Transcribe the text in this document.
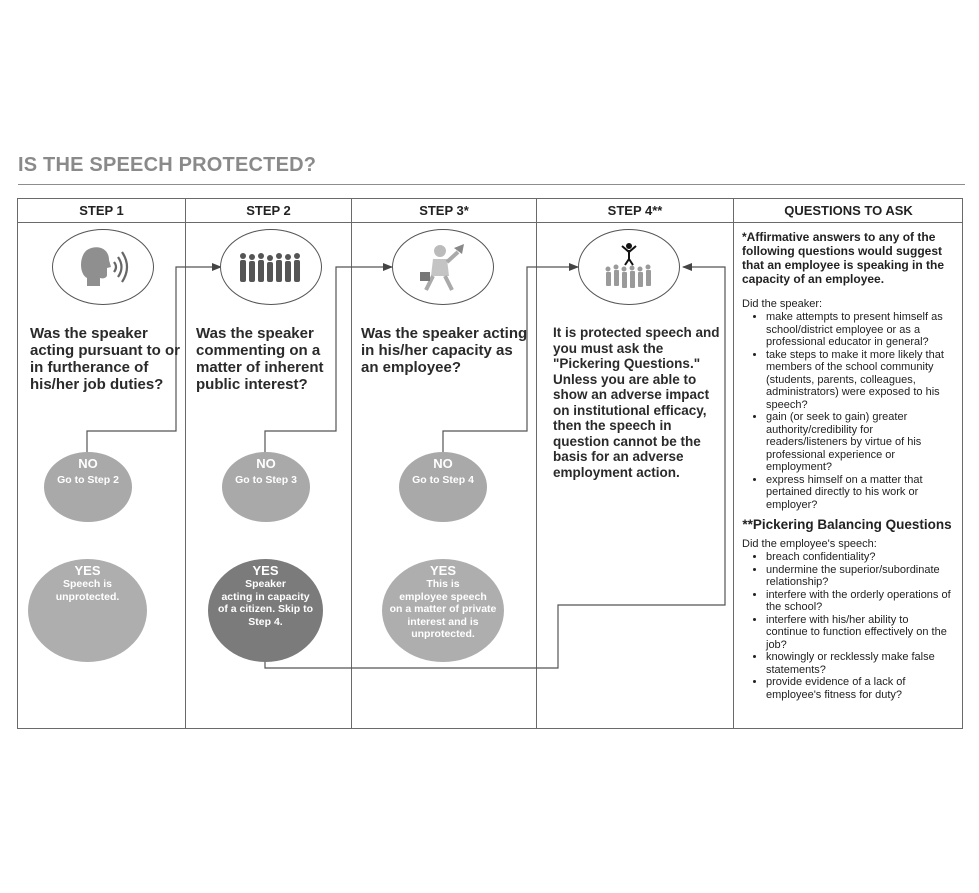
IS THE SPEECH PROTECTED?
STEP 1	STEP 2	STEP 3*	STEP 4**	QUESTIONS TO ASK
Was the speaker acting pursuant to or in furtherance of his/her job duties?
Was the speaker commenting on a matter of inherent public interest?
Was the speaker acting in his/her capacity as an employee?
It is protected speech and you must ask the "Pickering Questions." Unless you are able to show an adverse impact on institutional efficacy, then the speech in question cannot be the basis for an adverse employment action.
NO
Go to Step 2
NO
Go to Step 3
NO
Go to Step 4
YES
Speech is
unprotected.
YES
Speaker
acting in capacity
of a citizen. Skip to
Step 4.
YES
This is
employee speech
on a matter of private
interest and is
unprotected.
*Affirmative answers to any of the following questions would suggest that an employee is speaking in the capacity of an employee.
Did the speaker:
• make attempts to present himself as school/district employee or as a professional educator in general?
• take steps to make it more likely that members of the school community (students, parents, colleagues, administrators) were exposed to his speech?
• gain (or seek to gain) greater authority/credibility for readers/listeners by virtue of his professional experience or employment?
• express himself on a matter that pertained directly to his work or employer?
**Pickering Balancing Questions
Did the employee's speech:
• breach confidentiality?
• undermine the superior/subordinate relationship?
• interfere with the orderly operations of the school?
• interfere with his/her ability to continue to function effectively on the job?
• knowingly or recklessly make false statements?
• provide evidence of a lack of employee's fitness for duty?
